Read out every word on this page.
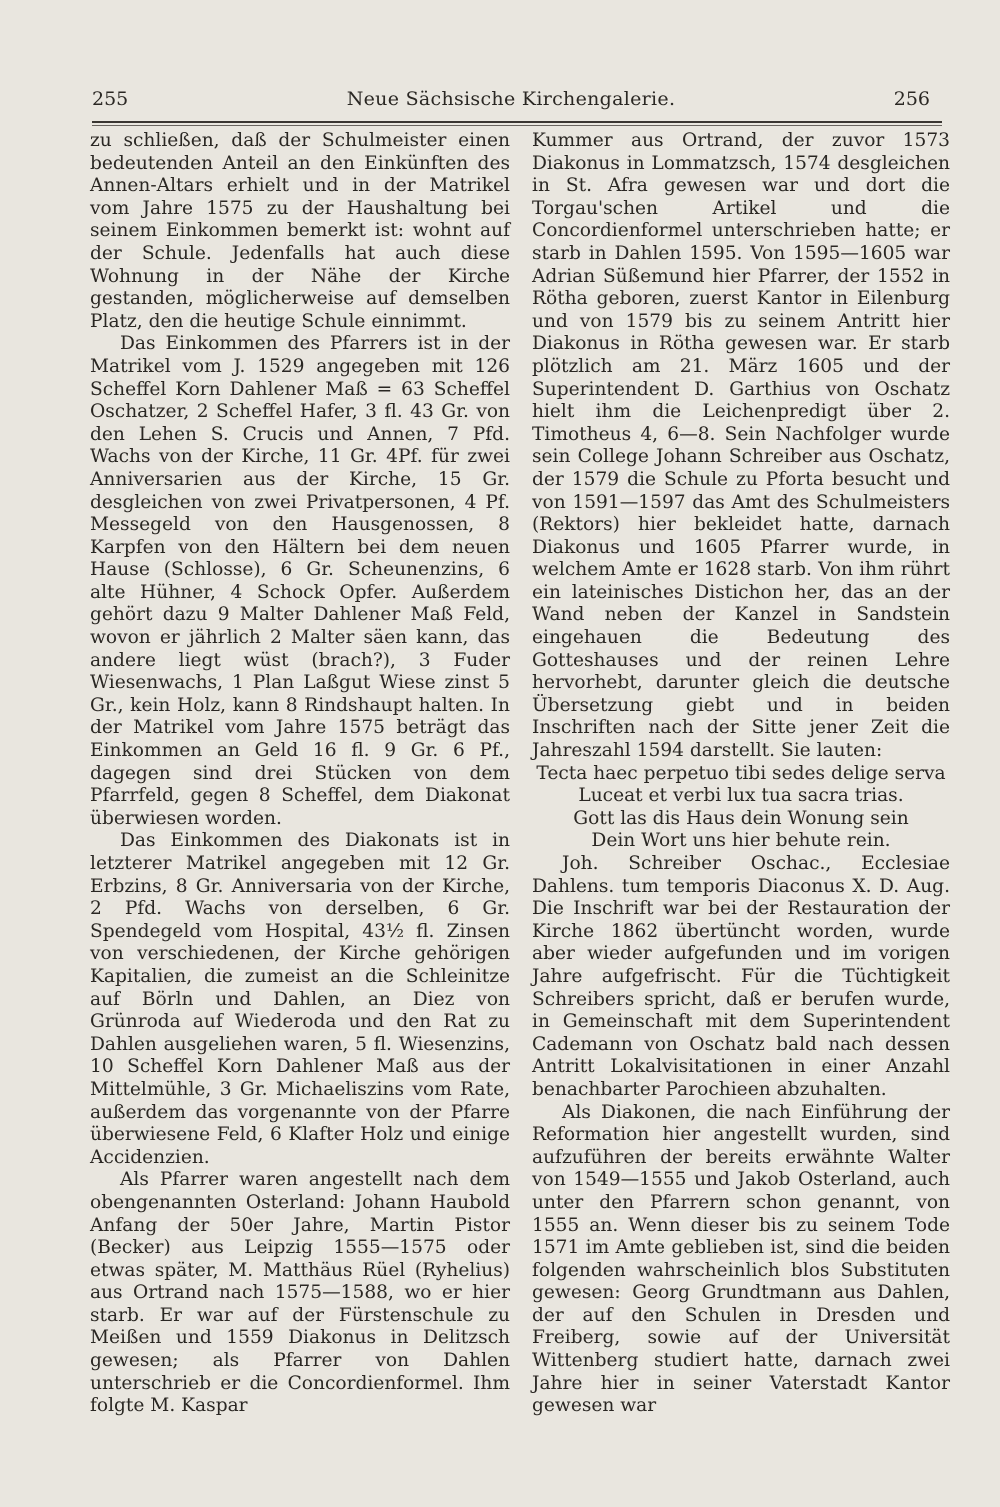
255	Neue Sächsische Kirchengalerie.	256

zu schließen, daß der Schulmeister einen bedeutenden Anteil an den Einkünften des Annen-Altars erhielt und in der Matrikel vom Jahre 1575 zu der Haushaltung bei seinem Einkommen bemerkt ist: wohnt auf der Schule. Jedenfalls hat auch diese Wohnung in der Nähe der Kirche gestanden, möglicherweise auf demselben Platz, den die heutige Schule einnimmt.

Das Einkommen des Pfarrers ist in der Matrikel vom J. 1529 angegeben mit 126 Scheffel Korn Dahlener Maß = 63 Scheffel Oschatzer, 2 Scheffel Hafer, 3 fl. 43 Gr. von den Lehen S. Crucis und Annen, 7 Pfd. Wachs von der Kirche, 11 Gr. 4Pf. für zwei Anniversarien aus der Kirche, 15 Gr. desgleichen von zwei Privatpersonen, 4 Pf. Messegeld von den Hausgenossen, 8 Karpfen von den Hältern bei dem neuen Hause (Schlosse), 6 Gr. Scheunenzins, 6 alte Hühner, 4 Schock Opfer. Außerdem gehört dazu 9 Malter Dahlener Maß Feld, wovon er jährlich 2 Malter säen kann, das andere liegt wüst (brach?), 3 Fuder Wiesenwachs, 1 Plan Laßgut Wiese zinst 5 Gr., kein Holz, kann 8 Rindshaupt halten. In der Matrikel vom Jahre 1575 beträgt das Einkommen an Geld 16 fl. 9 Gr. 6 Pf., dagegen sind drei Stücken von dem Pfarrfeld, gegen 8 Scheffel, dem Diakonat überwiesen worden.

Das Einkommen des Diakonats ist in letzterer Matrikel angegeben mit 12 Gr. Erbzins, 8 Gr. Anniversaria von der Kirche, 2 Pfd. Wachs von derselben, 6 Gr. Spendegeld vom Hospital, 43½ fl. Zinsen von verschiedenen, der Kirche gehörigen Kapitalien, die zumeist an die Schleinitze auf Börln und Dahlen, an Diez von Grünroda auf Wiederoda und den Rat zu Dahlen ausgeliehen waren, 5 fl. Wiesenzins, 10 Scheffel Korn Dahlener Maß aus der Mittelmühle, 3 Gr. Michaeliszins vom Rate, außerdem das vorgenannte von der Pfarre überwiesene Feld, 6 Klafter Holz und einige Accidenzien.

Als Pfarrer waren angestellt nach dem obengenannten Osterland: Johann Haubold Anfang der 50er Jahre, Martin Pistor (Becker) aus Leipzig 1555—1575 oder etwas später, M. Matthäus Rüel (Ryhelius) aus Ortrand nach 1575—1588, wo er hier starb. Er war auf der Fürstenschule zu Meißen und 1559 Diakonus in Delitzsch gewesen; als Pfarrer von Dahlen unterschrieb er die Concordienformel. Ihm folgte M. Kaspar

Kummer aus Ortrand, der zuvor 1573 Diakonus in Lommatzsch, 1574 desgleichen in St. Afra gewesen war und dort die Torgau'schen Artikel und die Concordienformel unterschrieben hatte; er starb in Dahlen 1595. Von 1595—1605 war Adrian Süßemund hier Pfarrer, der 1552 in Rötha geboren, zuerst Kantor in Eilenburg und von 1579 bis zu seinem Antritt hier Diakonus in Rötha gewesen war. Er starb plötzlich am 21. März 1605 und der Superintendent D. Garthius von Oschatz hielt ihm die Leichenpredigt über 2. Timotheus 4, 6—8. Sein Nachfolger wurde sein College Johann Schreiber aus Oschatz, der 1579 die Schule zu Pforta besucht und von 1591—1597 das Amt des Schulmeisters (Rektors) hier bekleidet hatte, darnach Diakonus und 1605 Pfarrer wurde, in welchem Amte er 1628 starb. Von ihm rührt ein lateinisches Distichon her, das an der Wand neben der Kanzel in Sandstein eingehauen die Bedeutung des Gotteshauses und der reinen Lehre hervorhebt, darunter gleich die deutsche Übersetzung giebt und in beiden Inschriften nach der Sitte jener Zeit die Jahreszahl 1594 darstellt. Sie lauten:

Tecta haec perpetuo tibi sedes delige serva

Luceat et verbi lux tua sacra trias.

Gott las dis Haus dein Wonung sein

Dein Wort uns hier behute rein.

Joh. Schreiber Oschac., Ecclesiae Dahlens. tum temporis Diaconus X. D. Aug. Die Inschrift war bei der Restauration der Kirche 1862 übertüncht worden, wurde aber wieder aufgefunden und im vorigen Jahre aufgefrischt. Für die Tüchtigkeit Schreibers spricht, daß er berufen wurde, in Gemeinschaft mit dem Superintendent Cademann von Oschatz bald nach dessen Antritt Lokalvisitationen in einer Anzahl benachbarter Parochieen abzuhalten.

Als Diakonen, die nach Einführung der Reformation hier angestellt wurden, sind aufzuführen der bereits erwähnte Walter von 1549—1555 und Jakob Osterland, auch unter den Pfarrern schon genannt, von 1555 an. Wenn dieser bis zu seinem Tode 1571 im Amte geblieben ist, sind die beiden folgenden wahrscheinlich blos Substituten gewesen: Georg Grundtmann aus Dahlen, der auf den Schulen in Dresden und Freiberg, sowie auf der Universität Wittenberg studiert hatte, darnach zwei Jahre hier in seiner Vaterstadt Kantor gewesen war
